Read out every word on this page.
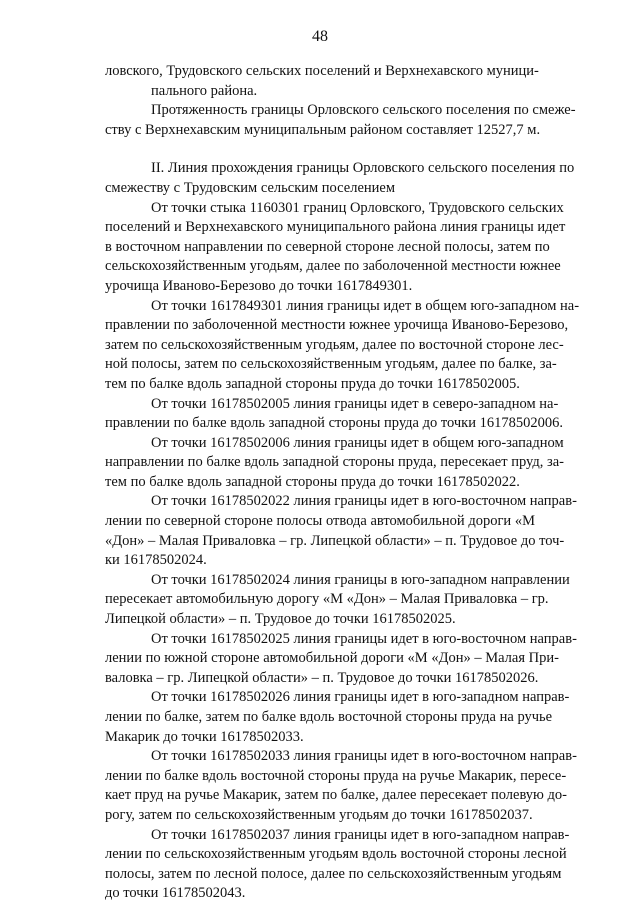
48
ловского, Трудовского сельских поселений и Верхнехавского муници-
пального района.
Протяженность границы Орловского сельского поселения по смеже-
ству с Верхнехавским муниципальным районом составляет 12527,7 м.
II. Линия прохождения границы Орловского сельского поселения по
смежеству с Трудовским сельским поселением
От точки стыка 1160301 границ Орловского, Трудовского сельских
поселений и Верхнехавского муниципального района линия границы идет
в восточном направлении по северной стороне лесной полосы, затем по
сельскохозяйственным угодьям, далее по заболоченной местности южнее
урочища Иваново-Березово до точки 1617849301.
От точки 1617849301 линия границы идет в общем юго-западном на-
правлении по заболоченной местности южнее урочища Иваново-Березово,
затем по сельскохозяйственным угодьям, далее по восточной стороне лес-
ной полосы, затем по сельскохозяйственным угодьям, далее по балке, за-
тем по балке вдоль западной стороны пруда до точки 16178502005.
От точки 16178502005 линия границы идет в северо-западном на-
правлении по балке вдоль западной стороны пруда до точки 16178502006.
От точки 16178502006 линия границы идет в общем юго-западном
направлении по балке вдоль западной стороны пруда, пересекает пруд, за-
тем по балке вдоль западной стороны пруда до точки 16178502022.
От точки 16178502022 линия границы идет в юго-восточном направ-
лении по северной стороне полосы отвода автомобильной дороги «М
«Дон» – Малая Приваловка – гр. Липецкой области» – п. Трудовое до точ-
ки 16178502024.
От точки 16178502024 линия границы в юго-западном направлении
пересекает автомобильную дорогу «М «Дон» – Малая Приваловка – гр.
Липецкой области» – п. Трудовое до точки 16178502025.
От точки 16178502025 линия границы идет в юго-восточном направ-
лении по южной стороне автомобильной дороги «М «Дон» – Малая При-
валовка – гр. Липецкой области» – п. Трудовое до точки 16178502026.
От точки 16178502026 линия границы идет в юго-западном направ-
лении по балке, затем по балке вдоль восточной стороны пруда на ручье
Макарик до точки 16178502033.
От точки 16178502033 линия границы идет в юго-восточном направ-
лении по балке вдоль восточной стороны пруда на ручье Макарик, пересе-
кает пруд на ручье Макарик, затем по балке, далее пересекает полевую до-
рогу, затем по сельскохозяйственным угодьям до точки 16178502037.
От точки 16178502037 линия границы идет в юго-западном направ-
лении по сельскохозяйственным угодьям вдоль восточной стороны лесной
полосы, затем по лесной полосе, далее по сельскохозяйственным угодьям
до точки 16178502043.
